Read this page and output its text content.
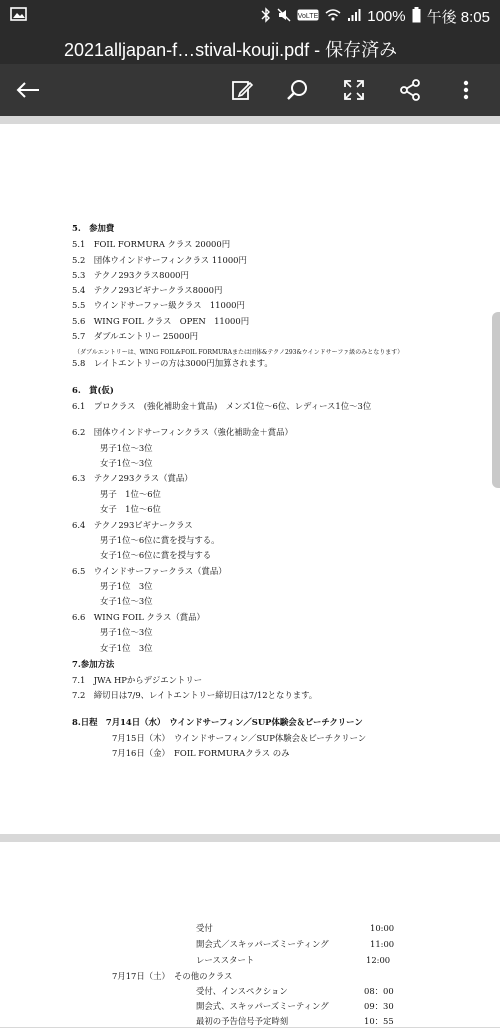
VoLTE	100% 午後 8:05
2021alljapan-f…stival-kouji.pdf - 保存済み
5.　参加費
5.1　FOIL FORMURA クラス 20000円
5.2　団体ウインドサーフィンクラス 11000円
5.3　テクノ293クラス8000円
5.4　テクノ293ビギナークラス8000円
5.5　ウインドサーファー級クラス　11000円
5.6　WING FOIL クラス　OPEN　11000円
5.7　ダブルエントリー 25000円
（ダブルエントリーは、WING FOIL&FOIL FORMURAまたは団体&テクノ293&ウインドサーファ級のみとなります）
5.8　レイトエントリーの方は3000円加算されます。
6.　賞(仮)
6.1　プロクラス　(強化補助金＋賞品)　メンズ1位～6位、レディース1位～3位
6.2　団体ウインドサーフィンクラス（強化補助金＋賞品）
男子1位～3位
女子1位～3位
6.3　テクノ293クラス（賞品）
男子　1位～6位
女子　1位～6位
6.4　テクノ293ビギナークラス
男子1位～6位に賞を授与する。
女子1位～6位に賞を授与する
6.5　ウインドサーファークラス（賞品）
男子1位　3位
女子1位～3位
6.6　WING FOIL クラス（賞品）
男子1位～3位
女子1位　3位
7.参加方法
7.1　JWA HPからデジエントリー
7.2　締切日は7/9、レイトエントリー締切日は7/12となります。
8.日程　7月14日（水）　ウインドサーフィン／SUP体験会＆ビーチクリーン
7月15日（木）　ウインドサーフィン／SUP体験会＆ビーチクリーン
7月16日（金）　FOIL FORMURAクラス のみ
受付	10:00
開会式／スキッパーズミーティング	11:00
レーススタート	12:00
7月17日（土）　その他のクラス
受付、インスペクション	08：00
開会式、スキッパーズミーティング	09：30
最初の予告信号予定時刻	10：55
